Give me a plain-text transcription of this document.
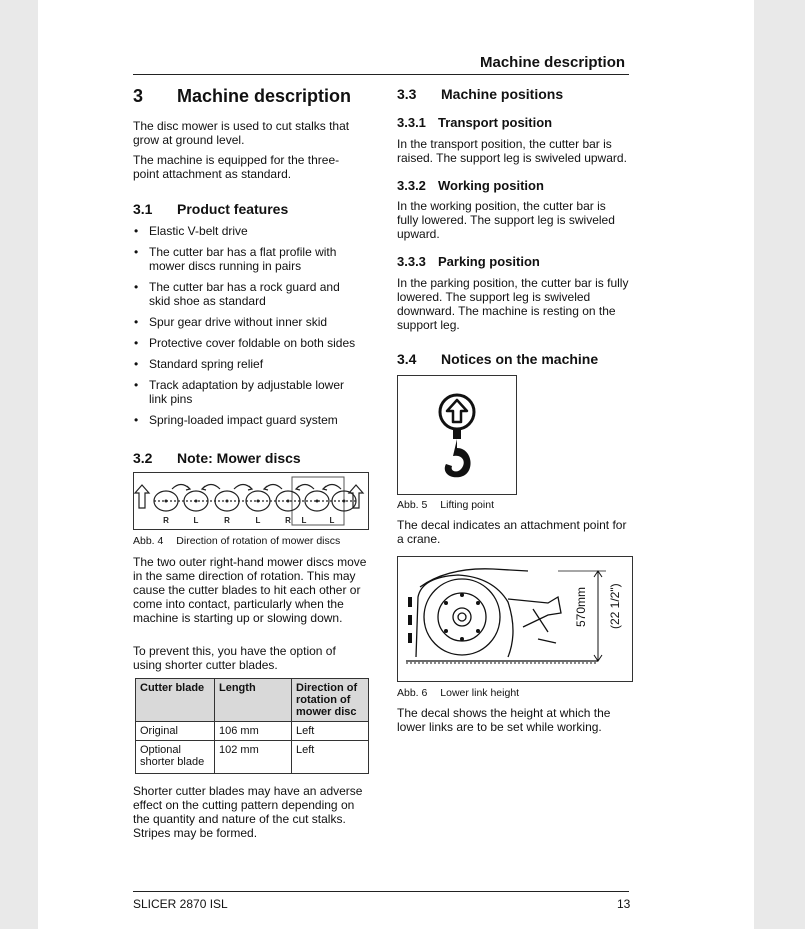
Machine description
3 Machine description
The disc mower is used to cut stalks that grow at ground level.
The machine is equipped for the three-point attachment as standard.
3.1 Product features
• Elastic V-belt drive
• The cutter bar has a flat profile with mower discs running in pairs
• The cutter bar has a rock guard and skid shoe as standard
• Spur gear drive without inner skid
• Protective cover foldable on both sides
• Standard spring relief
• Track adaptation by adjustable lower link pins
• Spring-loaded impact guard system
3.2 Note: Mower discs
R	L	R	L	R L	L
Abb. 4 Direction of rotation of mower discs
The two outer right-hand mower discs move in the same direction of rotation. This may cause the cutter blades to hit each other or come into contact, particularly when the machine is starting up or slowing down.
To prevent this, you have the option of using shorter cutter blades.
Cutter blade	Length	Direction of rotation of mower disc
Original	106 mm	Left
Optional shorter blade	102 mm	Left
Shorter cutter blades may have an adverse effect on the cutting pattern depending on the quantity and nature of the cut stalks. Stripes may be formed.
3.3 Machine positions
3.3.1 Transport position
In the transport position, the cutter bar is raised. The support leg is swiveled upward.
3.3.2 Working position
In the working position, the cutter bar is fully lowered. The support leg is swiveled upward.
3.3.3 Parking position
In the parking position, the cutter bar is fully lowered. The support leg is swiveled downward. The machine is resting on the support leg.
3.4 Notices on the machine
Abb. 5 Lifting point
The decal indicates an attachment point for a crane.
570mm (22 1/2")
Abb. 6 Lower link height
The decal shows the height at which the lower links are to be set while working.
SLICER 2870 ISL	13
